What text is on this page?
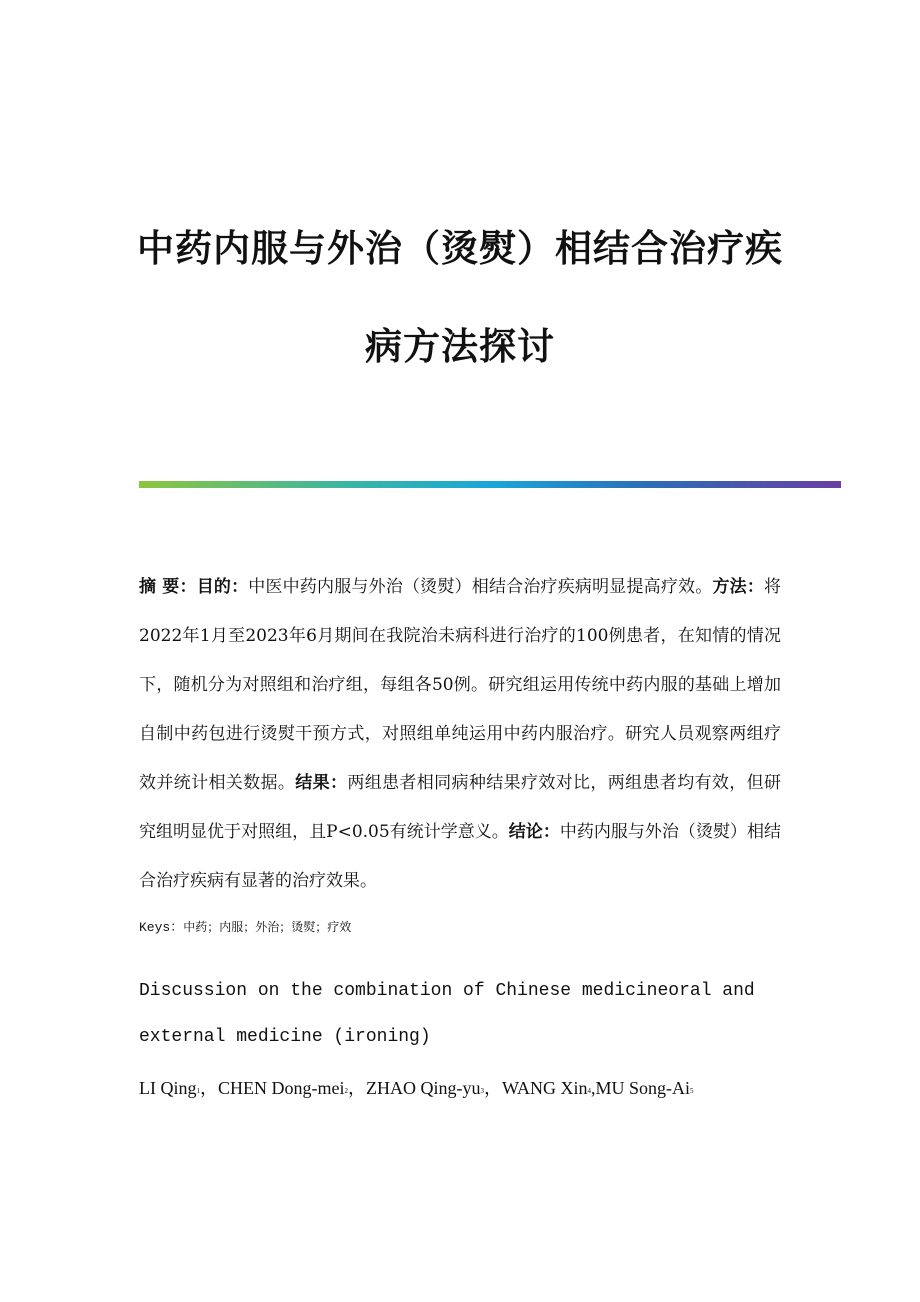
中药内服与外治（烫熨）相结合治疗疾
病方法探讨
摘 要：目的：中医中药内服与外治（烫熨）相结合治疗疾病明显提高疗效。方法：将2022年1月至2023年6月期间在我院治未病科进行治疗的100例患者，在知情的情况下，随机分为对照组和治疗组，每组各50例。研究组运用传统中药内服的基础上增加自制中药包进行烫熨干预方式，对照组单纯运用中药内服治疗。研究人员观察两组疗效并统计相关数据。结果：两组患者相同病种结果疗效对比，两组患者均有效，但研究组明显优于对照组，且P<0.05有统计学意义。结论：中药内服与外治（烫熨）相结合治疗疾病有显著的治疗效果。
Keys：中药；内服；外治；烫熨；疗效
Discussion on the combination of Chinese medicineoral and external medicine (ironing)
LI Qing$^1$，CHEN Dong-mei$^2$，ZHAO Qing-$yu^3$，WANG Xin$^4$,MU Song-Ai$^5$
